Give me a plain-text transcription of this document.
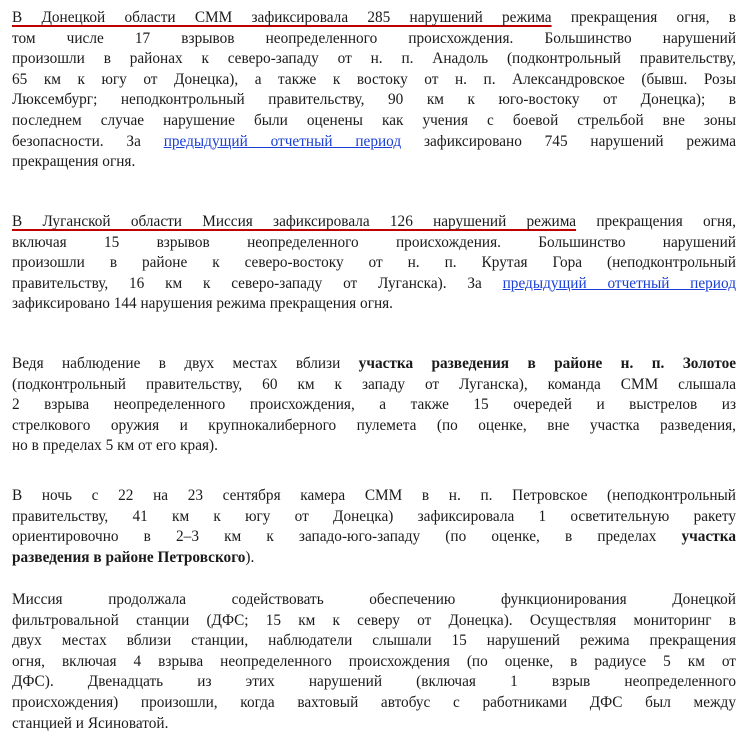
В Донецкой области СММ зафиксировала 285 нарушений режима прекращения огня, в
том числе 17 взрывов неопределенного происхождения. Большинство нарушений
произошли в районах к северо-западу от н. п. Анадоль (подконтрольный правительству,
65 км к югу от Донецка), а также к востоку от н. п. Александровское (бывш. Розы
Люксембург; неподконтрольный правительству, 90 км к юго-востоку от Донецка); в
последнем случае нарушение были оценены как учения с боевой стрельбой вне зоны
безопасности. За предыдущий отчетный период зафиксировано 745 нарушений режима
прекращения огня.
В Луганской области Миссия зафиксировала 126 нарушений режима прекращения огня,
включая 15 взрывов неопределенного происхождения. Большинство нарушений
произошли в районе к северо-востоку от н. п. Крутая Гора (неподконтрольный
правительству, 16 км к северо-западу от Луганска). За предыдущий отчетный период
зафиксировано 144 нарушения режима прекращения огня.
Ведя наблюдение в двух местах вблизи участка разведения в районе н. п. Золотое
(подконтрольный правительству, 60 км к западу от Луганска), команда СММ слышала
2 взрыва неопределенного происхождения, а также 15 очередей и выстрелов из
стрелкового оружия и крупнокалиберного пулемета (по оценке, вне участка разведения,
но в пределах 5 км от его края).
В ночь с 22 на 23 сентября камера СММ в н. п. Петровское (неподконтрольный
правительству, 41 км к югу от Донецка) зафиксировала 1 осветительную ракету
ориентировочно в 2–3 км к западо-юго-западу (по оценке, в пределах участка
разведения в районе Петровского).
Миссия продолжала содействовать обеспечению функционирования Донецкой
фильтровальной станции (ДФС; 15 км к северу от Донецка). Осуществляя мониторинг в
двух местах вблизи станции, наблюдатели слышали 15 нарушений режима прекращения
огня, включая 4 взрыва неопределенного происхождения (по оценке, в радиусе 5 км от
ДФС). Двенадцать из этих нарушений (включая 1 взрыв неопределенного
происхождения) произошли, когда вахтовый автобус с работниками ДФС был между
станцией и Ясиноватой.
